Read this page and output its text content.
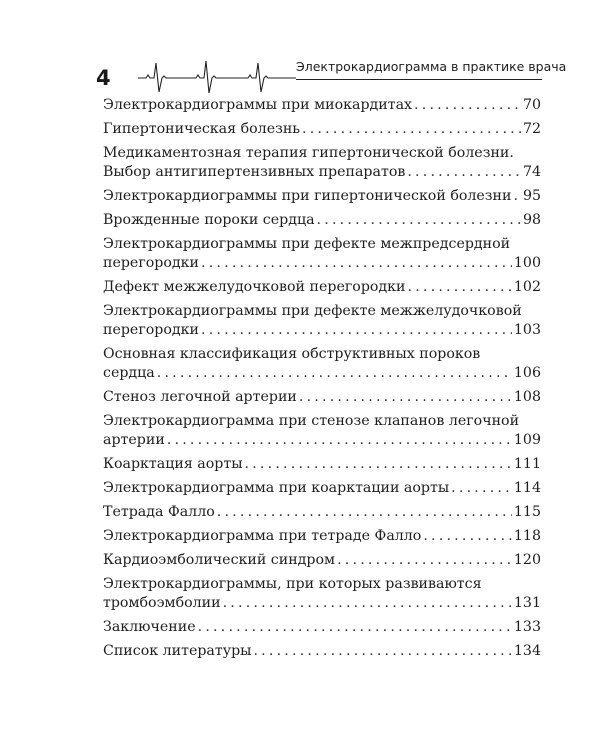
4	Электрокардиограмма в практике врача
Электрокардиограммы при миокардитах .....	70
Гипертоническая болезнь .....	72
Медикаментозная терапия гипертонической болезни.
Выбор антигипертензивных препаратов .....	74
Электрокардиограммы при гипертонической болезни ..... 95
Врожденные пороки сердца .....	98
Электрокардиограммы при дефекте межпредсердной
перегородки .....	100
Дефект межжелудочковой перегородки .....	102
Электрокардиограммы при дефекте межжелудочковой
перегородки .....	103
Основная классификация обструктивных пороков
сердца .....	106
Стеноз легочной артерии .....	108
Электрокардиограмма при стенозе клапанов легочной
артерии .....	109
Коарктация аорты .....	111
Электрокардиограмма при коарктации аорты .....	114
Тетрада Фалло .....	115
Электрокардиограмма при тетраде Фалло .....	118
Кардиоэмболический синдром .....	120
Электрокардиограммы, при которых развиваются
тромбоэмболии .....	131
Заключение .....	133
Список литературы .....	134
